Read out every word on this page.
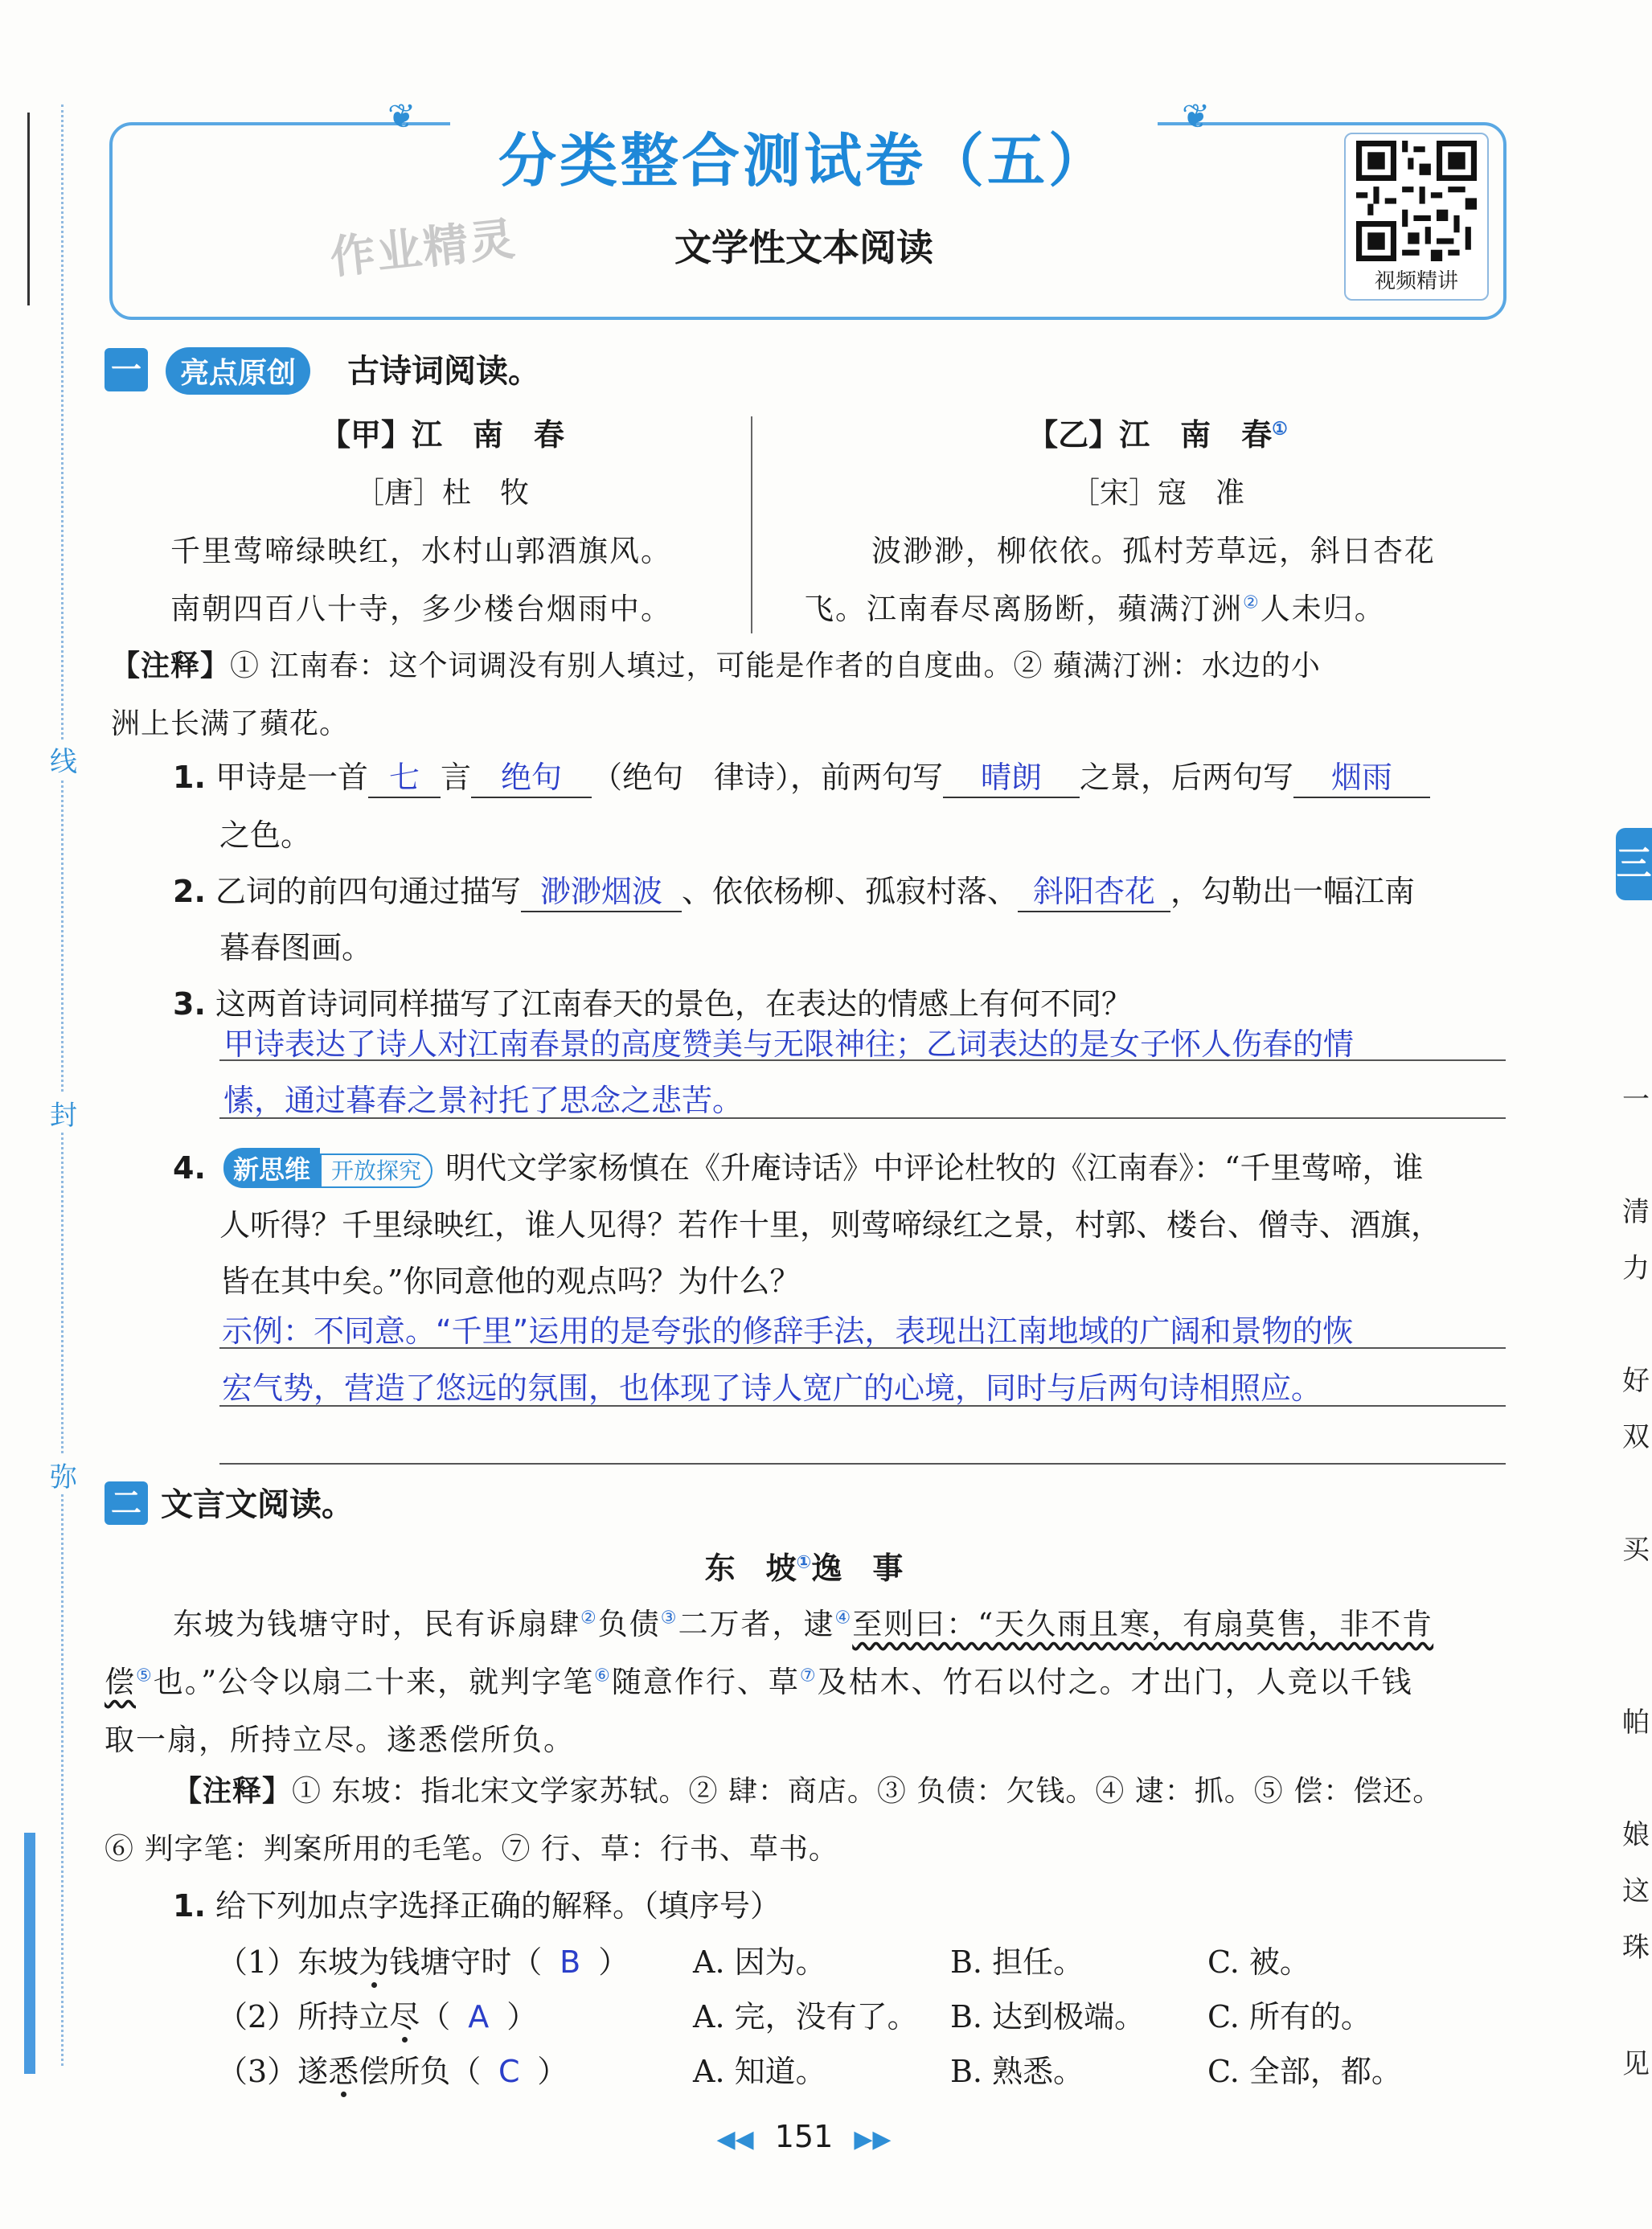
线
封
弥
三
一
清
力
好
双
买
帕
娘
这
珠
见
❦	❦
分类整合测试卷（五）
文学性文本阅读
作业精灵	视频精讲
一	亮点原创	古诗词阅读。
【甲】江　南　春
［唐］杜　牧
千里莺啼绿映红，水村山郭酒旗风。
南朝四百八十寺，多少楼台烟雨中。
【乙】江　南　春①
［宋］寇　准
波渺渺，柳依依。孤村芳草远，斜日杏花
飞。江南春尽离肠断，蘋满汀洲②人未归。
【注释】① 江南春：这个词调没有别人填过，可能是作者的自度曲。② 蘋满汀洲：水边的小
洲上长满了蘋花。
1. 甲诗是一首 七 言 绝句 （绝句　律诗），前两句写 晴朗 之景，后两句写 烟雨
之色。
2. 乙词的前四句通过描写 渺渺烟波 、依依杨柳、孤寂村落、 斜阳杏花 ，勾勒出一幅江南
暮春图画。
3. 这两首诗词同样描写了江南春天的景色，在表达的情感上有何不同？
甲诗表达了诗人对江南春景的高度赞美与无限神往；乙词表达的是女子怀人伤春的情
愫，通过暮春之景衬托了思念之悲苦。
4. 新思维 开放探究 明代文学家杨慎在《升庵诗话》中评论杜牧的《江南春》：“千里莺啼，谁
人听得？千里绿映红，谁人见得？若作十里，则莺啼绿红之景，村郭、楼台、僧寺、酒旗，
皆在其中矣。”你同意他的观点吗？为什么？
示例：不同意。“千里”运用的是夸张的修辞手法，表现出江南地域的广阔和景物的恢
宏气势，营造了悠远的氛围，也体现了诗人宽广的心境，同时与后两句诗相照应。
二 文言文阅读。
东　坡①逸　事
东坡为钱塘守时，民有诉扇肆②负债③二万者，逮④至则曰：“天久雨且寒，有扇莫售，非不肯
偿⑤也。”公令以扇二十来，就判字笔⑥随意作行、草⑦及枯木、竹石以付之。才出门，人竞以千钱
取一扇，所持立尽。遂悉偿所负。
【注释】① 东坡：指北宋文学家苏轼。② 肆：商店。③ 负债：欠钱。④ 逮：抓。⑤ 偿：偿还。
⑥ 判字笔：判案所用的毛笔。⑦ 行、草：行书、草书。
1. 给下列加点字选择正确的解释。（填序号）
（1）东坡为钱塘守时（ B ） A. 因为。	B. 担任。	C. 被。
（2）所持立尽（ A ）	A. 完，没有了。 B. 达到极端。 C. 所有的。
（3）遂悉偿所负（ C ）	A. 知道。	B. 熟悉。	C. 全部，都。
◀◀ 151 ▶▶
